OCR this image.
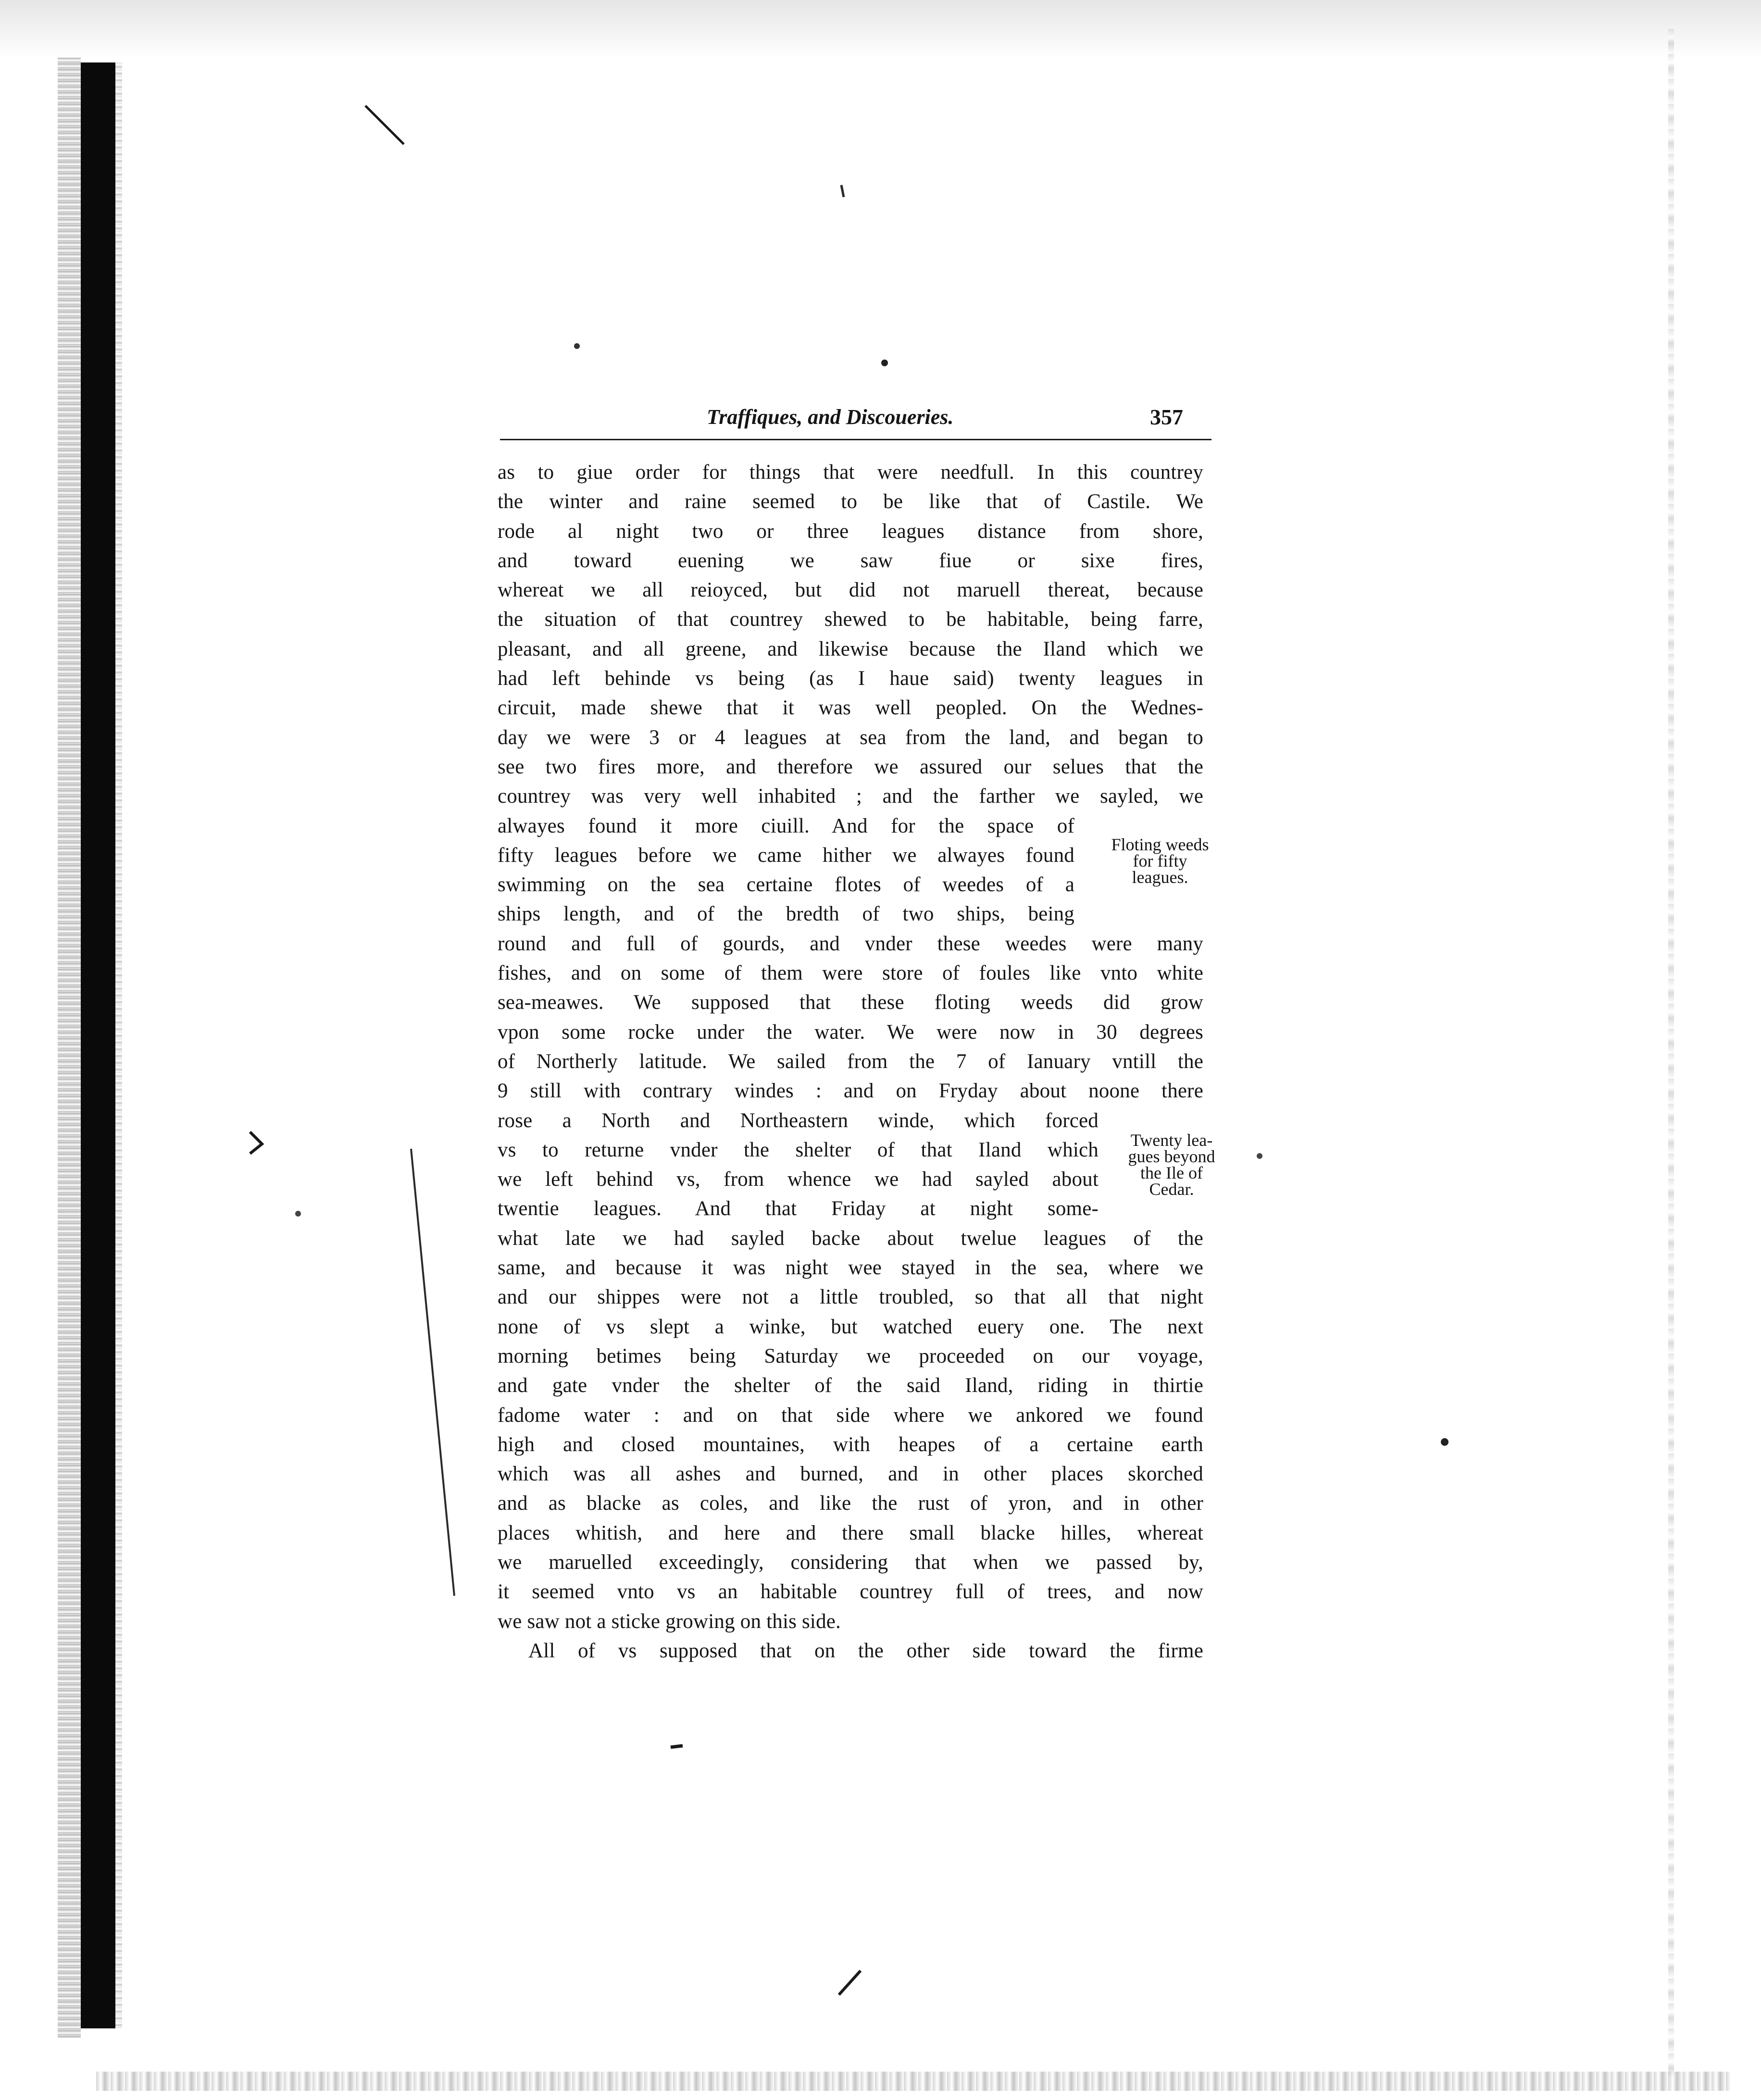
Traffiques, and Discoueries.	357
as to giue order for things that were needfull. In this countrey
the winter and raine seemed to be like that of Castile. We
rode al night two or three leagues distance from shore,
and toward euening we saw fiue or sixe fires,
whereat we all reioyced, but did not maruell thereat, because
the situation of that countrey shewed to be habitable, being farre,
pleasant, and all greene, and likewise because the Iland which we
had left behinde vs being (as I haue said) twenty leagues in
circuit, made shewe that it was well peopled. On the Wednes-
day we were 3 or 4 leagues at sea from the land, and began to
see two fires more, and therefore we assured our selues that the
countrey was very well inhabited ; and the farther we sayled, we
alwayes found it more ciuill. And for the space of
fifty leagues before we came hither we alwayes found
swimming on the sea certaine flotes of weedes of a
ships length, and of the bredth of two ships, being
round and full of gourds, and vnder these weedes were many
fishes, and on some of them were store of foules like vnto white
sea-meawes. We supposed that these floting weeds did grow
vpon some rocke under the water. We were now in 30 degrees
of Northerly latitude. We sailed from the 7 of Ianuary vntill the
9 still with contrary windes : and on Fryday about noone there
rose a North and Northeastern winde, which forced
vs to returne vnder the shelter of that Iland which
we left behind vs, from whence we had sayled about
twentie leagues. And that Friday at night some-
what late we had sayled backe about twelue leagues of the
same, and because it was night wee stayed in the sea, where we
and our shippes were not a little troubled, so that all that night
none of vs slept a winke, but watched euery one. The next
morning betimes being Saturday we proceeded on our voyage,
and gate vnder the shelter of the said Iland, riding in thirtie
fadome water : and on that side where we ankored we found
high and closed mountaines, with heapes of a certaine earth
which was all ashes and burned, and in other places skorched
and as blacke as coles, and like the rust of yron, and in other
places whitish, and here and there small blacke hilles, whereat
we maruelled exceedingly, considering that when we passed by,
it seemed vnto vs an habitable countrey full of trees, and now
we saw not a sticke growing on this side.
All of vs supposed that on the other side toward the firme
Floting weeds
for fifty
leagues.
Twenty lea-
gues beyond
the Ile of
Cedar.
